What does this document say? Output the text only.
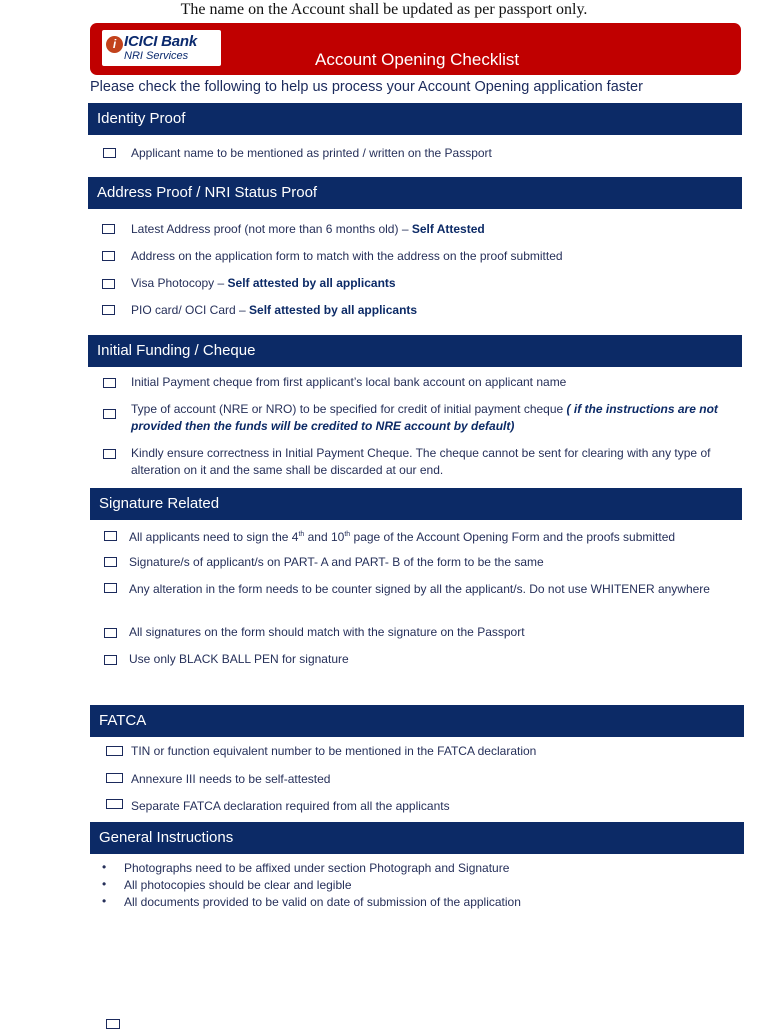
The name on the Account shall be updated as per passport only.
i ICICI Bank
NRI Services	Account Opening Checklist
Please check the following to help us process your Account Opening application faster
Identity Proof
Applicant name to be mentioned as printed / written on the Passport
Address Proof / NRI Status Proof
Latest Address proof (not more than 6 months old) – Self Attested
Address on the application form to match with the address on the proof submitted
Visa Photocopy – Self attested by all applicants
PIO card/ OCI Card – Self attested by all applicants
Initial Funding / Cheque
Initial Payment cheque from first applicant’s local bank account on applicant name
Type of account (NRE or NRO) to be specified for credit of initial payment cheque ( if the instructions are not provided then the funds will be credited to NRE account by default)
Kindly ensure correctness in Initial Payment Cheque. The cheque cannot be sent for clearing with any type of alteration on it and the same shall be discarded at our end.
Signature Related
All applicants need to sign the 4th and 10th page of the Account Opening Form and the proofs submitted
Signature/s of applicant/s on PART- A and PART- B of the form to be the same
Any alteration in the form needs to be counter signed by all the applicant/s. Do not use WHITENER anywhere
All signatures on the form should match with the signature on the Passport
Use only BLACK BALL PEN for signature
FATCA
TIN or function equivalent number to be mentioned in the FATCA declaration
Annexure III needs to be self-attested
Separate FATCA declaration required from all the applicants
General Instructions
• Photographs need to be affixed under section Photograph and Signature
• All photocopies should be clear and legible
• All documents provided to be valid on date of submission of the application
